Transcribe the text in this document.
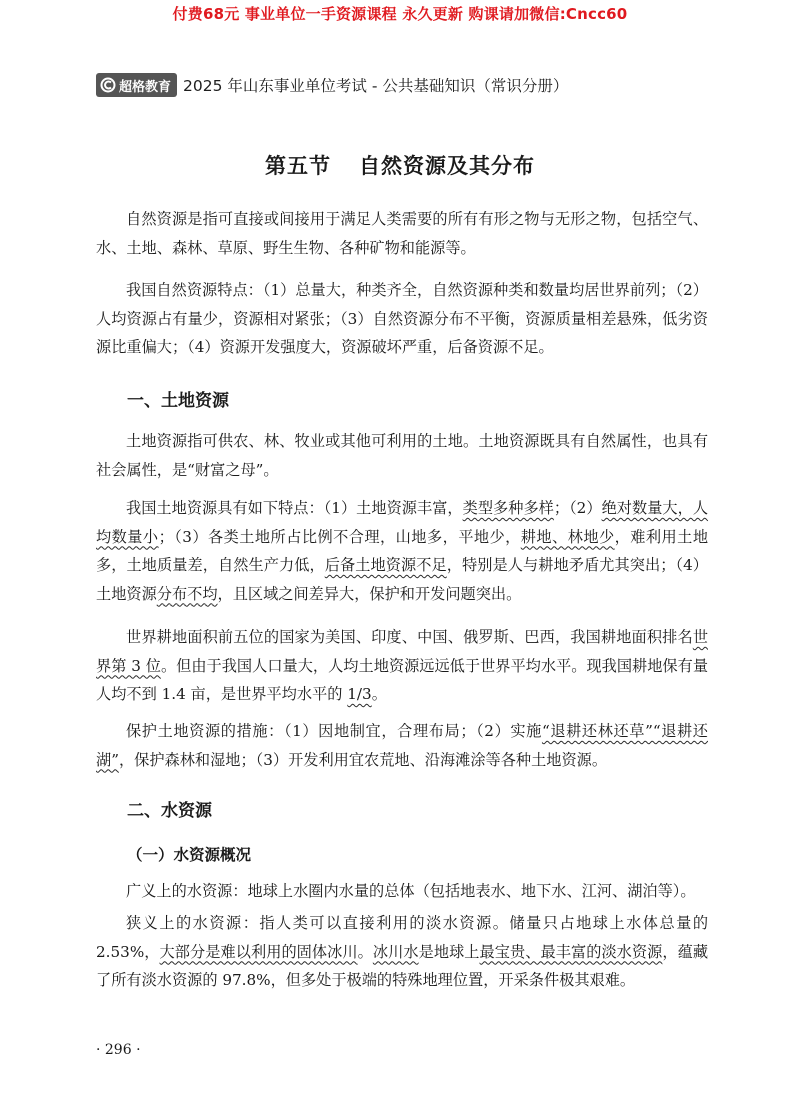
付费68元 事业单位一手资源课程 永久更新 购课请加微信:Cncc60
超格教育 2025 年山东事业单位考试 - 公共基础知识（常识分册）
第五节 自然资源及其分布

自然资源是指可直接或间接用于满足人类需要的所有有形之物与无形之物，包括空气、水、土地、森林、草原、野生生物、各种矿物和能源等。

我国自然资源特点：（1）总量大，种类齐全，自然资源种类和数量均居世界前列；（2）人均资源占有量少，资源相对紧张；（3）自然资源分布不平衡，资源质量相差悬殊，低劣资源比重偏大；（4）资源开发强度大，资源破坏严重，后备资源不足。

一、土地资源

土地资源指可供农、林、牧业或其他可利用的土地。土地资源既具有自然属性，也具有社会属性，是“财富之母”。

我国土地资源具有如下特点：（1）土地资源丰富，类型多种多样；（2）绝对数量大，人均数量小；（3）各类土地所占比例不合理，山地多，平地少，耕地、林地少，难利用土地多，土地质量差，自然生产力低，后备土地资源不足，特别是人与耕地矛盾尤其突出；（4）土地资源分布不均，且区域之间差异大，保护和开发问题突出。

世界耕地面积前五位的国家为美国、印度、中国、俄罗斯、巴西，我国耕地面积排名世界第 3 位。但由于我国人口量大，人均土地资源远远低于世界平均水平。现我国耕地保有量人均不到 1.4 亩，是世界平均水平的 1/3。

保护土地资源的措施：（1）因地制宜，合理布局；（2）实施“退耕还林还草”“退耕还湖”，保护森林和湿地；（3）开发利用宜农荒地、沿海滩涂等各种土地资源。

二、水资源
（一）水资源概况

广义上的水资源：地球上水圈内水量的总体（包括地表水、地下水、江河、湖泊等）。

狭义上的水资源：指人类可以直接利用的淡水资源。储量只占地球上水体总量的 2.53%，大部分是难以利用的固体冰川。冰川水是地球上最宝贵、最丰富的淡水资源，蕴藏了所有淡水资源的 97.8%，但多处于极端的特殊地理位置，开采条件极其艰难。

· 296 ·
